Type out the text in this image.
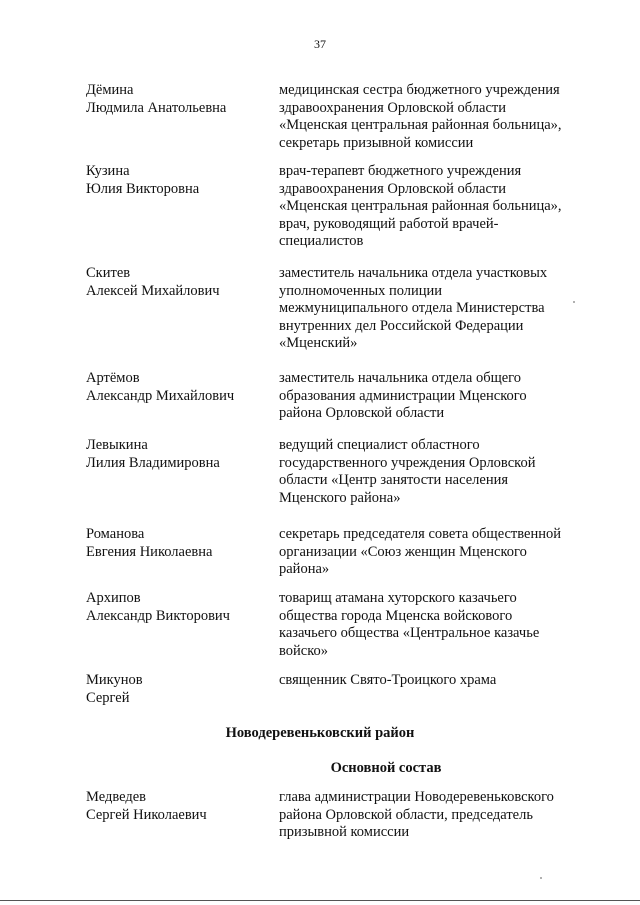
37
Дёмина
Людмила Анатольевна
медицинская сестра бюджетного учреждения
здравоохранения Орловской области
«Мценская центральная районная больница»,
секретарь призывной комиссии
Кузина
Юлия Викторовна
врач-терапевт бюджетного учреждения
здравоохранения Орловской области
«Мценская центральная районная больница»,
врач, руководящий работой врачей-
специалистов
Скитев
Алексей Михайлович
заместитель начальника отдела участковых
уполномоченных полиции
межмуниципального отдела Министерства
внутренних дел Российской Федерации
«Мценский»
Артёмов
Александр Михайлович
заместитель начальника отдела общего
образования администрации Мценского
района Орловской области
Левыкина
Лилия Владимировна
ведущий специалист областного
государственного учреждения Орловской
области «Центр занятости населения
Мценского района»
Романова
Евгения Николаевна
секретарь председателя совета общественной
организации «Союз женщин Мценского
района»
Архипов
Александр Викторович
товарищ атамана хуторского казачьего
общества города Мценска войскового
казачьего общества «Центральное казачье
войско»
Микунов
Сергей
священник Свято-Троицкого храма
Новодеревеньковский район
Основной состав
Медведев
Сергей Николаевич
глава администрации Новодеревеньковского
района Орловской области, председатель
призывной комиссии
